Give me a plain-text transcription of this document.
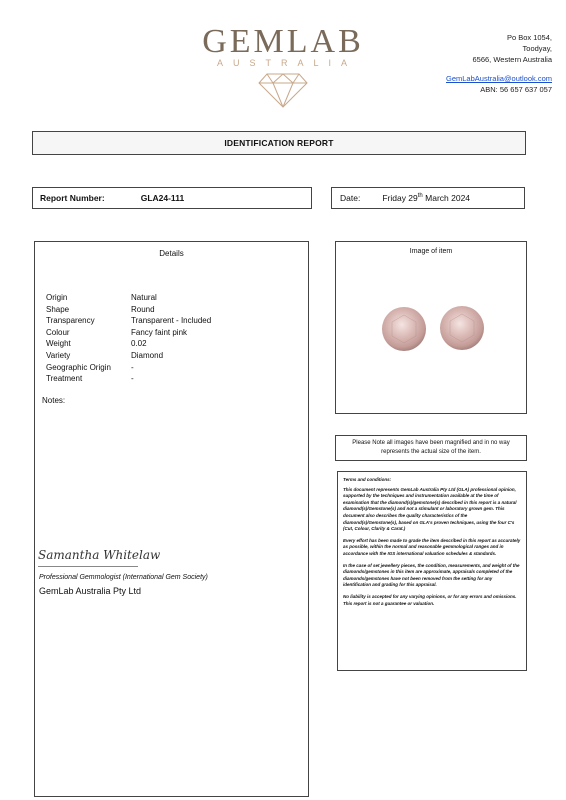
GEMLAB
AUSTRALIA
Po Box 1054,
Toodyay,
6566, Western Australia
GemLabAustralia@outlook.com
ABN: 56 657 637 057
IDENTIFICATION REPORT
Report Number:	GLA24-111	Date:	Friday 29th March 2024
Details
Origin	Natural
Shape	Round
Transparency	Transparent - Included
Colour	Fancy faint pink
Weight	0.02
Variety	Diamond
Geographic Origin	-
Treatment	-
Notes:
Image of item
Please Note all images have been magnified and in no way represents the actual size of the item.

Terms and conditions:

This document represents GemLab Australia Pty Ltd (GLA) professional opinion, supported by the techniques and instrumentation available at the time of examination that the diamond(s)/gemstone(s) described in this report is a natural diamond(s)/Gemstone(s) and not a stimulant or laboratory grown gem. This document also describes the quality characteristics of the diamond(s)/Gemstone(s), based on GLA's proven techniques, using the four C's (Cut, Colour, Clarity & Carat.)

Every effort has been made to grade the item described in this report as accurately as possible, within the normal and reasonable gemmological ranges and in accordance with the IGS international valuation schedules & standards.

In the case of set jewellery pieces, the condition, measurements, and weight of the diamonds/gemstones in this item are approximate, appraisals completed of the diamonds/gemstones have not been removed from the setting for any identification and grading for this appraisal.

No liability is accepted for any varying opinions, or for any errors and omissions. This report is not a guarantee or valuation.

Samantha Whitelaw
Professional Gemmologist (International Gem Society)
GemLab Australia Pty Ltd
